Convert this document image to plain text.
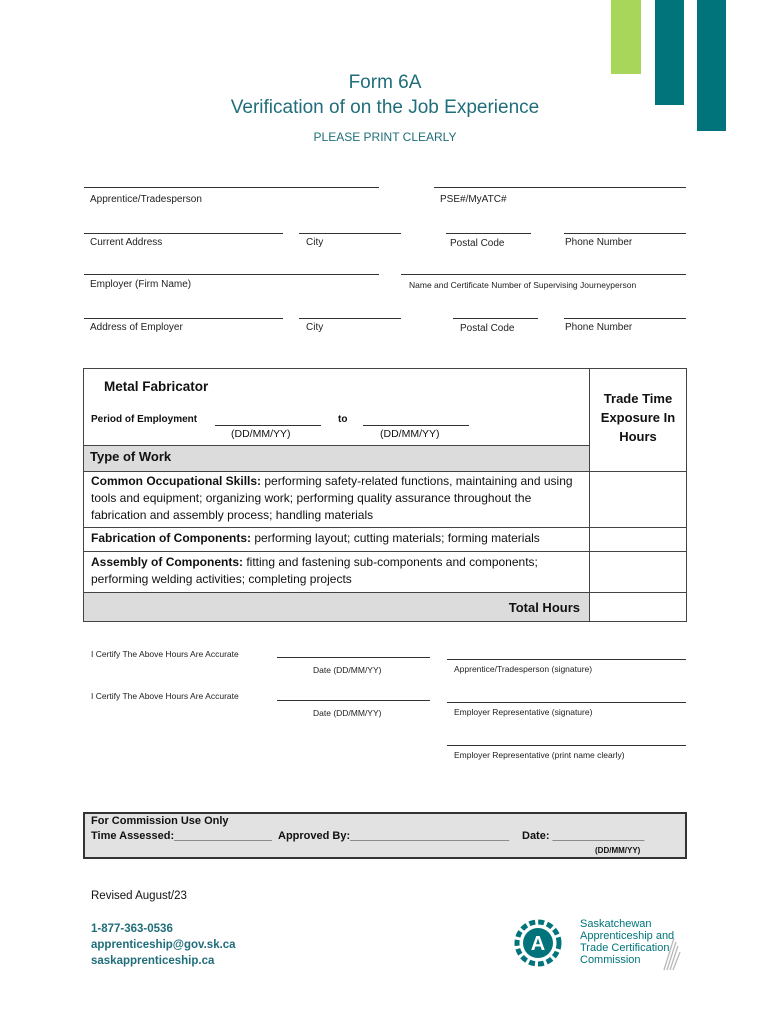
Form 6A
Verification of on the Job Experience
PLEASE PRINT CLEARLY
Apprentice/Tradesperson	PSE#/MyATC#
Current Address	City	Postal Code	Phone Number
Employer (Firm Name)	Name and Certificate Number of Supervising Journeyperson
Address of Employer	City	Postal Code	Phone Number
Trade Time Exposure In Hours
Metal Fabricator
Period of Employment	to
(DD/MM/YY)	(DD/MM/YY)
Type of Work
Common Occupational Skills: performing safety-related functions, maintaining and using tools and equipment; organizing work; performing quality assurance throughout the fabrication and assembly process; handling materials
Fabrication of Components: performing layout; cutting materials; forming materials
Assembly of Components: fitting and fastening sub-components and components; performing welding activities; completing projects
Total Hours
I Certify The Above Hours Are Accurate
Date (DD/MM/YY)	Apprentice/Tradesperson (signature)
I Certify The Above Hours Are Accurate
Date (DD/MM/YY)	Employer Representative (signature)
Employer Representative (print name clearly)
For Commission Use Only
Time Assessed:________________ Approved By:__________________________ Date: _______________
(DD/MM/YY)
Revised August/23
1-877-363-0536
apprenticeship@gov.sk.ca
saskapprenticeship.ca
A
Saskatchewan
Apprenticeship and
Trade Certification
Commission
